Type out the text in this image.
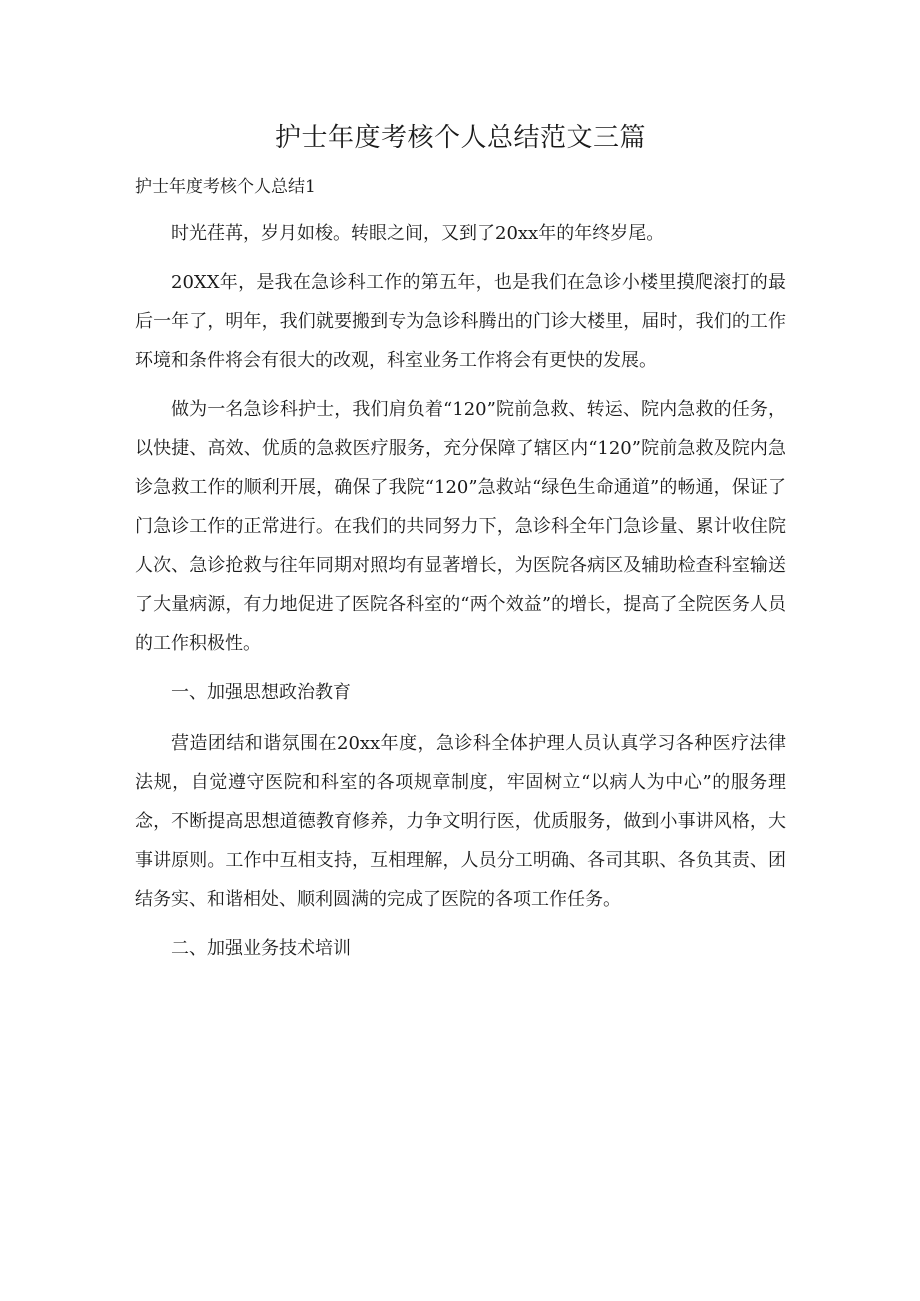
护士年度考核个人总结范文三篇
护士年度考核个人总结1

时光荏苒，岁月如梭。转眼之间，又到了20xx年的年终岁尾。

20XX年，是我在急诊科工作的第五年，也是我们在急诊小楼里摸爬滚打的最后一年了，明年，我们就要搬到专为急诊科腾出的门诊大楼里，届时，我们的工作环境和条件将会有很大的改观，科室业务工作将会有更快的发展。

做为一名急诊科护士，我们肩负着“120”院前急救、转运、院内急救的任务，以快捷、高效、优质的急救医疗服务，充分保障了辖区内“120”院前急救及院内急诊急救工作的顺利开展，确保了我院“120”急救站“绿色生命通道”的畅通，保证了门急诊工作的正常进行。在我们的共同努力下，急诊科全年门急诊量、累计收住院人次、急诊抢救与往年同期对照均有显著增长，为医院各病区及辅助检查科室输送了大量病源，有力地促进了医院各科室的“两个效益”的增长，提高了全院医务人员的工作积极性。

一、加强思想政治教育

营造团结和谐氛围在20xx年度，急诊科全体护理人员认真学习各种医疗法律法规，自觉遵守医院和科室的各项规章制度，牢固树立“以病人为中心”的服务理念，不断提高思想道德教育修养，力争文明行医，优质服务，做到小事讲风格，大事讲原则。工作中互相支持，互相理解，人员分工明确、各司其职、各负其责、团结务实、和谐相处、顺利圆满的完成了医院的各项工作任务。

二、加强业务技术培训
